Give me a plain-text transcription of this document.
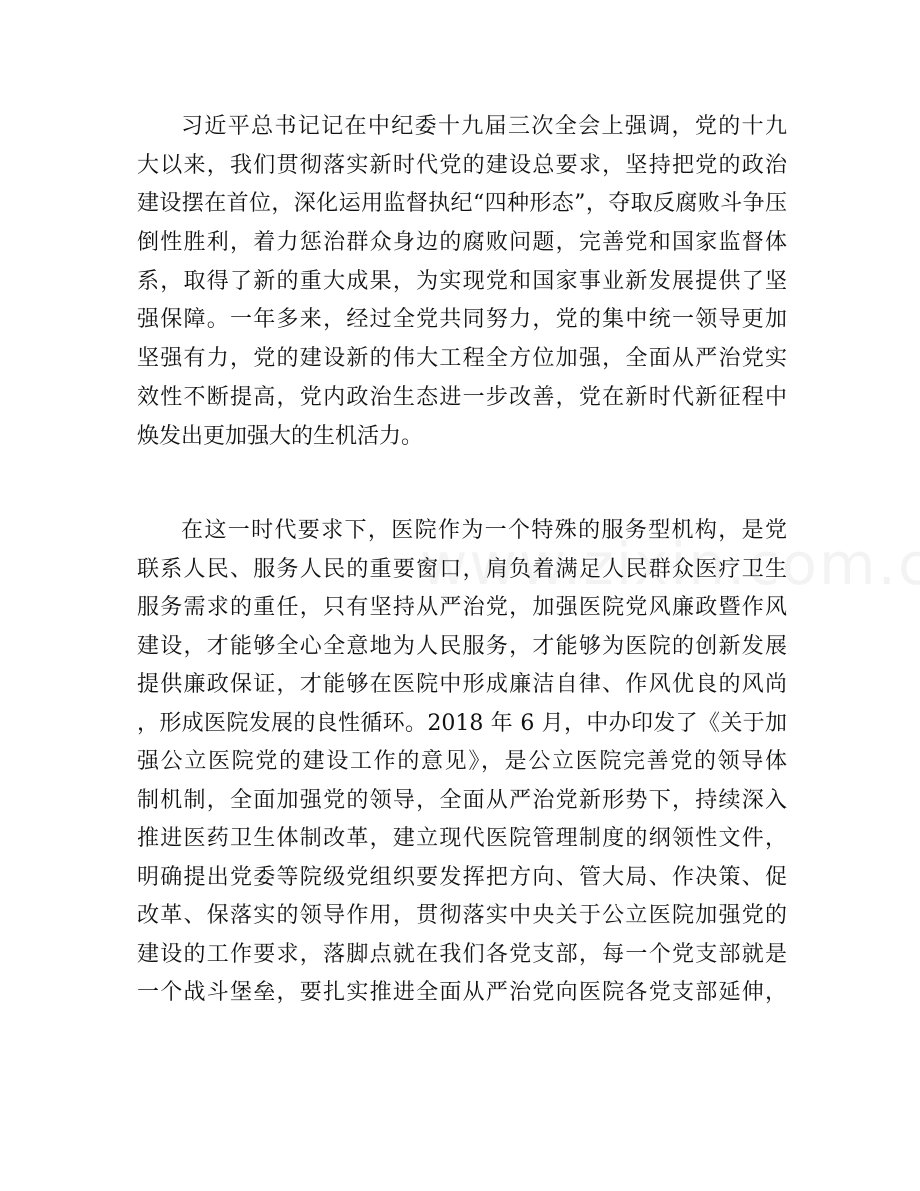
习近平总书记记在中纪委十九届三次全会上强调，党的十九
大以来，我们贯彻落实新时代党的建设总要求，坚持把党的政治
建设摆在首位，深化运用监督执纪“四种形态”，夺取反腐败斗争压
倒性胜利，着力惩治群众身边的腐败问题，完善党和国家监督体
系，取得了新的重大成果，为实现党和国家事业新发展提供了坚
强保障。一年多来，经过全党共同努力，党的集中统一领导更加
坚强有力，党的建设新的伟大工程全方位加强，全面从严治党实
效性不断提高，党内政治生态进一步改善，党在新时代新征程中
焕发出更加强大的生机活力。
在这一时代要求下，医院作为一个特殊的服务型机构，是党
联系人民、服务人民的重要窗口，肩负着满足人民群众医疗卫生
服务需求的重任，只有坚持从严治党，加强医院党风廉政暨作风
建设，才能够全心全意地为人民服务，才能够为医院的创新发展
提供廉政保证，才能够在医院中形成廉洁自律、作风优良的风尚
，形成医院发展的良性循环。2018 年 6 月，中办印发了《关于加
强公立医院党的建设工作的意见》，是公立医院完善党的领导体
制机制，全面加强党的领导，全面从严治党新形势下，持续深入
推进医药卫生体制改革，建立现代医院管理制度的纲领性文件，
明确提出党委等院级党组织要发挥把方向、管大局、作决策、促
改革、保落实的领导作用，贯彻落实中央关于公立医院加强党的
建设的工作要求，落脚点就在我们各党支部，每一个党支部就是
一个战斗堡垒，要扎实推进全面从严治党向医院各党支部延伸，
